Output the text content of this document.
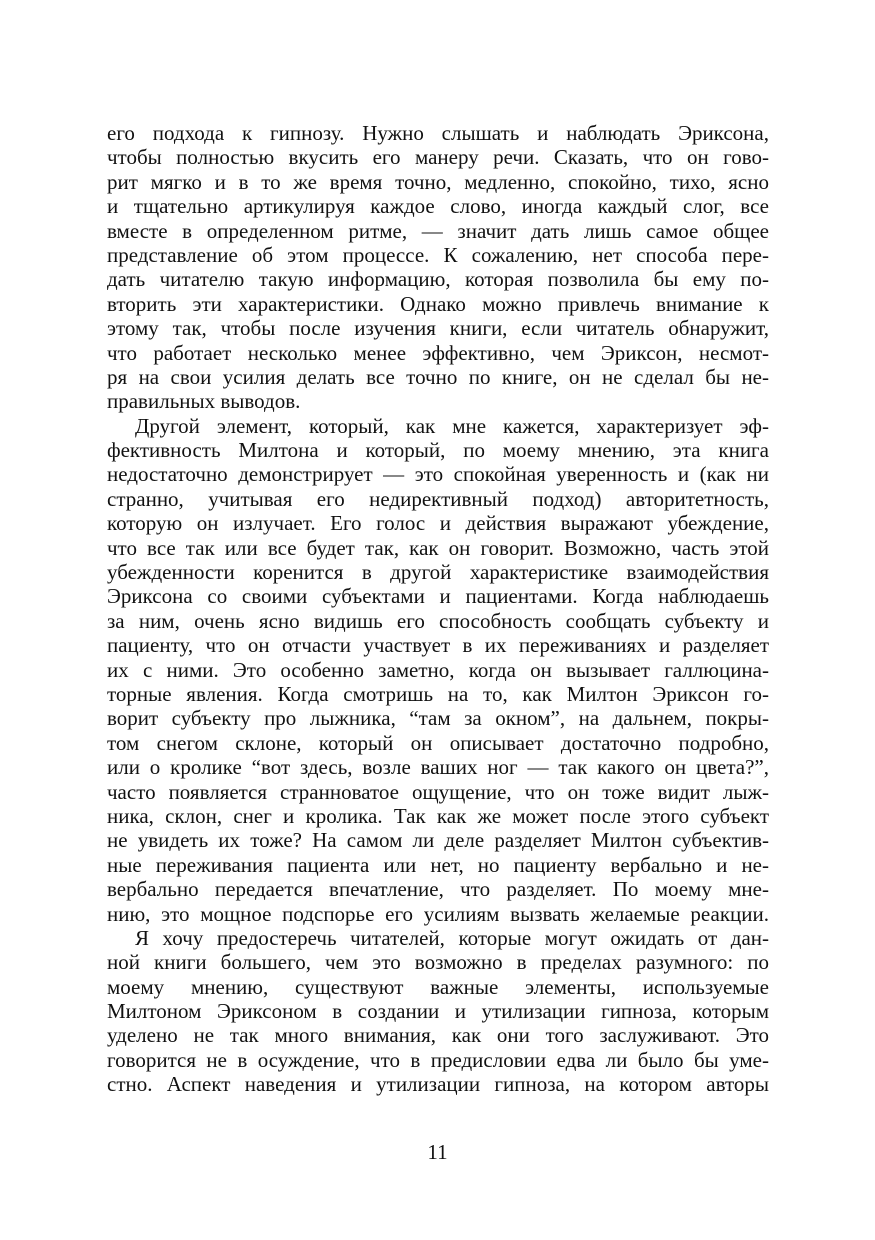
его подхода к гипнозу. Нужно слышать и наблюдать Эриксона,
чтобы полностью вкусить его манеру речи. Сказать, что он гово-
рит мягко и в то же время точно, медленно, спокойно, тихо, ясно
и тщательно артикулируя каждое слово, иногда каждый слог, все
вместе в определенном ритме, — значит дать лишь самое общее
представление об этом процессе. К сожалению, нет способа пере-
дать читателю такую информацию, которая позволила бы ему по-
вторить эти характеристики. Однако можно привлечь внимание к
этому так, чтобы после изучения книги, если читатель обнаружит,
что работает несколько менее эффективно, чем Эриксон, несмот-
ря на свои усилия делать все точно по книге, он не сделал бы не-
правильных выводов.
Другой элемент, который, как мне кажется, характеризует эф-
фективность Милтона и который, по моему мнению, эта книга
недостаточно демонстрирует — это спокойная уверенность и (как ни
странно, учитывая его недирективный подход) авторитетность,
которую он излучает. Его голос и действия выражают убеждение,
что все так или все будет так, как он говорит. Возможно, часть этой
убежденности коренится в другой характеристике взаимодействия
Эриксона со своими субъектами и пациентами. Когда наблюдаешь
за ним, очень ясно видишь его способность сообщать субъекту и
пациенту, что он отчасти участвует в их переживаниях и разделяет
их с ними. Это особенно заметно, когда он вызывает галлюцина-
торные явления. Когда смотришь на то, как Милтон Эриксон го-
ворит субъекту про лыжника, “там за окном”, на дальнем, покры-
том снегом склоне, который он описывает достаточно подробно,
или о кролике “вот здесь, возле ваших ног — так какого он цвета?”,
часто появляется странноватое ощущение, что он тоже видит лыж-
ника, склон, снег и кролика. Так как же может после этого субъект
не увидеть их тоже? На самом ли деле разделяет Милтон субъектив-
ные переживания пациента или нет, но пациенту вербально и не-
вербально передается впечатление, что разделяет. По моему мне-
нию, это мощное подспорье его усилиям вызвать желаемые реакции.
Я хочу предостеречь читателей, которые могут ожидать от дан-
ной книги большего, чем это возможно в пределах разумного: по
моему мнению, существуют важные элементы, используемые
Милтоном Эриксоном в создании и утилизации гипноза, которым
уделено не так много внимания, как они того заслуживают. Это
говорится не в осуждение, что в предисловии едва ли было бы уме-
стно. Аспект наведения и утилизации гипноза, на котором авторы
11
